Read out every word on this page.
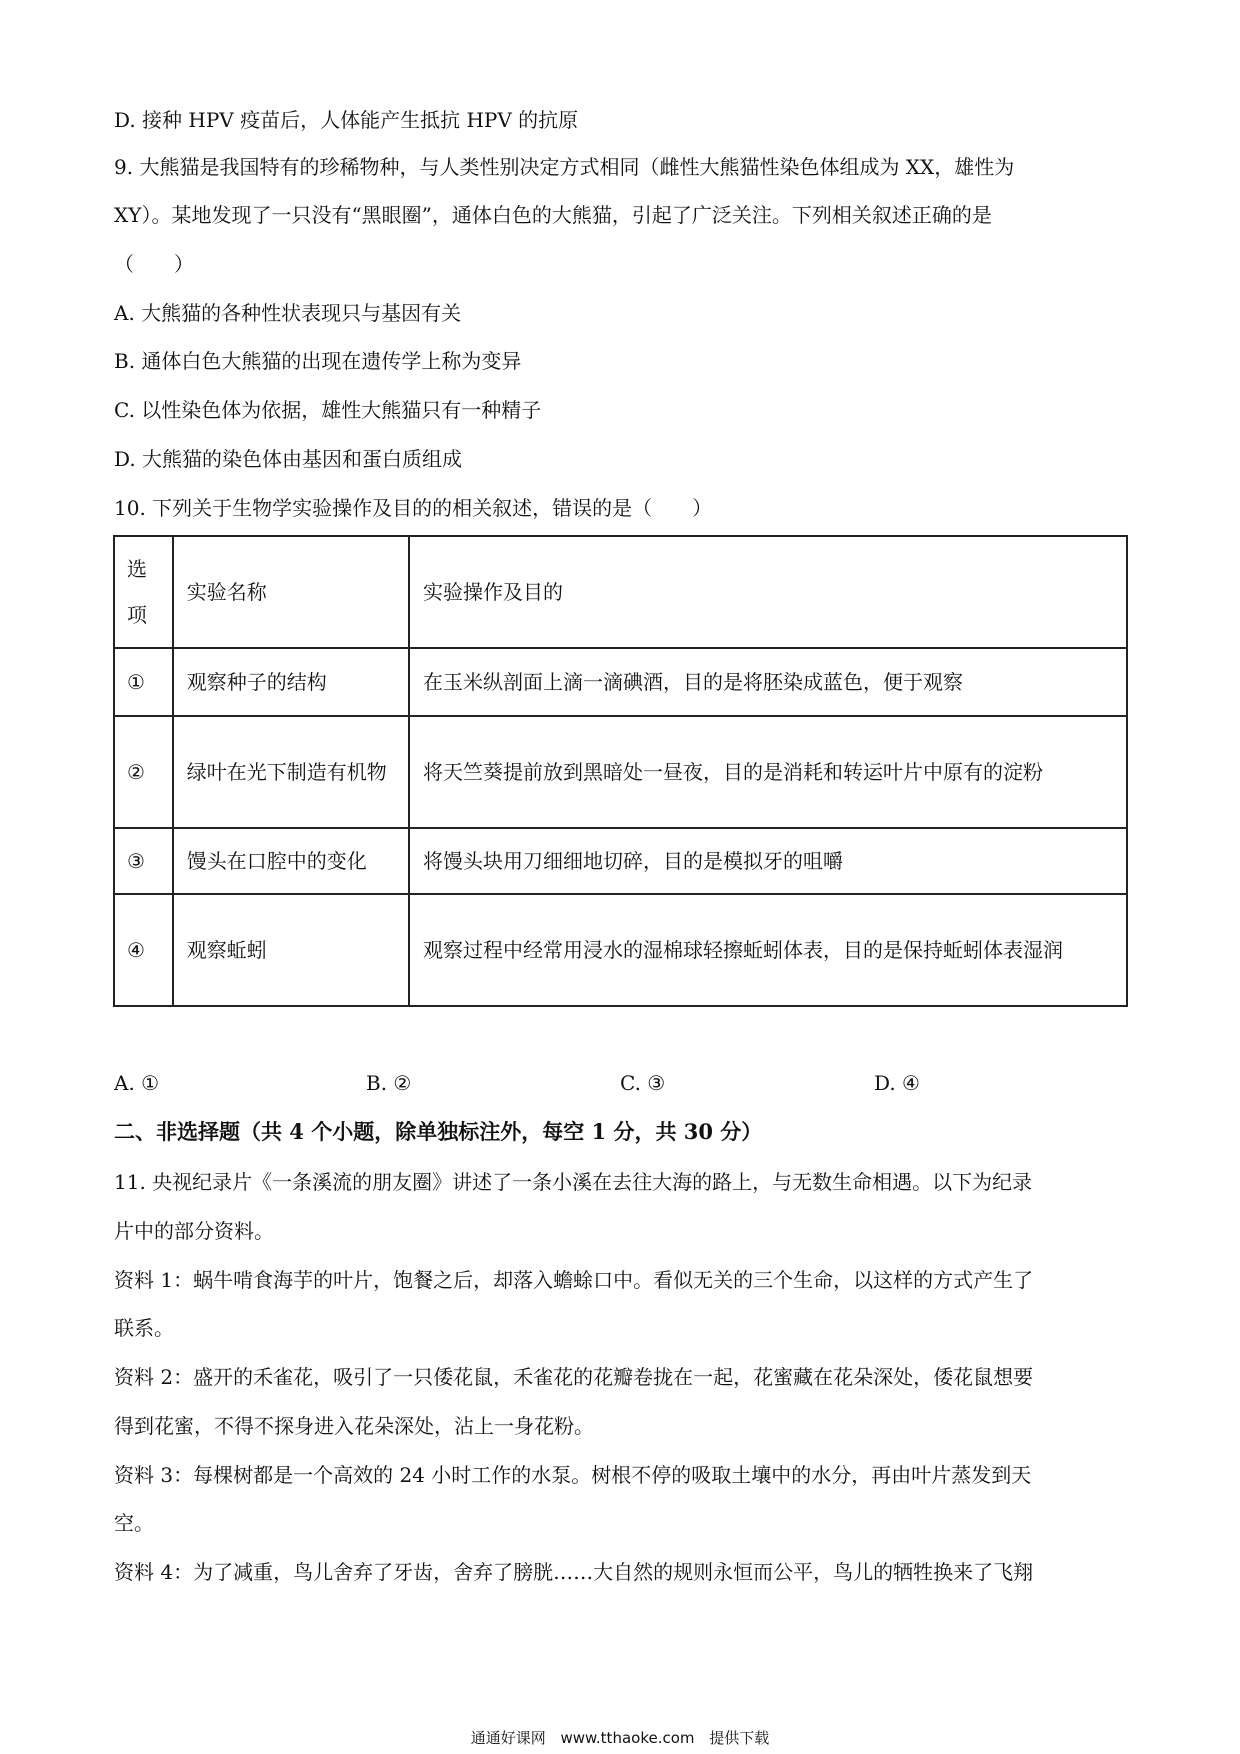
D. 接种 HPV 疫苗后，人体能产生抵抗 HPV 的抗原
9. 大熊猫是我国特有的珍稀物种，与人类性别决定方式相同（雌性大熊猫性染色体组成为 XX，雄性为
XY）。某地发现了一只没有“黑眼圈”，通体白色的大熊猫，引起了广泛关注。下列相关叙述正确的是
（　　）
A. 大熊猫的各种性状表现只与基因有关
B. 通体白色大熊猫的出现在遗传学上称为变异
C. 以性染色体为依据，雄性大熊猫只有一种精子
D. 大熊猫的染色体由基因和蛋白质组成
10. 下列关于生物学实验操作及目的的相关叙述，错误的是（　　）
选项	实验名称	实验操作及目的
①	观察种子的结构	在玉米纵剖面上滴一滴碘酒，目的是将胚染成蓝色，便于观察
②	绿叶在光下制造有机物	将天竺葵提前放到黑暗处一昼夜，目的是消耗和转运叶片中原有的淀粉
③	馒头在口腔中的变化	将馒头块用刀细细地切碎，目的是模拟牙的咀嚼
④	观察蚯蚓	观察过程中经常用浸水的湿棉球轻擦蚯蚓体表，目的是保持蚯蚓体表湿润
A. ①	B. ②	C. ③	D. ④
二、非选择题（共 4 个小题，除单独标注外，每空 1 分，共 30 分）
11. 央视纪录片《一条溪流的朋友圈》讲述了一条小溪在去往大海的路上，与无数生命相遇。以下为纪录
片中的部分资料。
资料 1：蜗牛啃食海芋的叶片，饱餐之后，却落入蟾蜍口中。看似无关的三个生命，以这样的方式产生了
联系。
资料 2：盛开的禾雀花，吸引了一只倭花鼠，禾雀花的花瓣卷拢在一起，花蜜藏在花朵深处，倭花鼠想要
得到花蜜，不得不探身进入花朵深处，沾上一身花粉。
资料 3：每棵树都是一个高效的 24 小时工作的水泵。树根不停的吸取土壤中的水分，再由叶片蒸发到天
空。
资料 4：为了减重，鸟儿舍弃了牙齿，舍弃了膀胱……大自然的规则永恒而公平，鸟儿的牺牲换来了飞翔
通通好课网 www.tthaoke.com 提供下载
